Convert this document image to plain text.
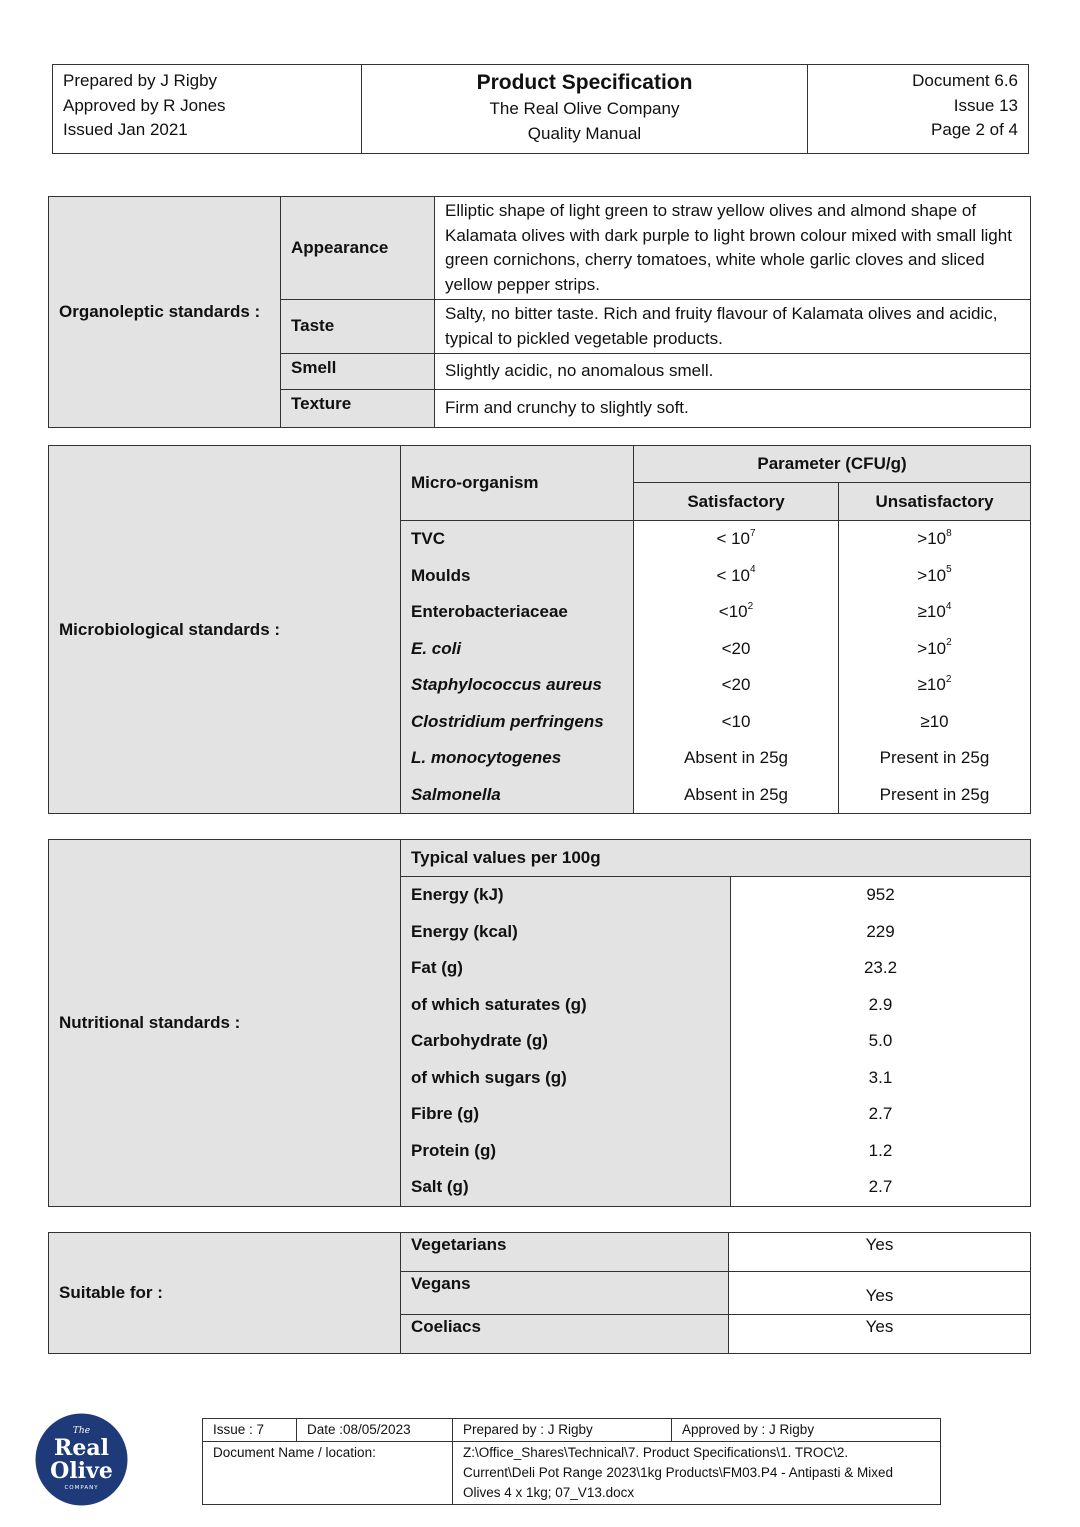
Prepared by J Rigby
Approved by R Jones
Issued Jan 2021

Product Specification
The Real Olive Company
Quality Manual

Document 6.6
Issue 13
Page 2 of 4
Organoleptic standards :	Appearance	Elliptic shape of light green to straw yellow olives and almond shape of Kalamata olives with dark purple to light brown colour mixed with small light green cornichons, cherry tomatoes, white whole garlic cloves and sliced yellow pepper strips.
	Taste	Salty, no bitter taste. Rich and fruity flavour of Kalamata olives and acidic, typical to pickled vegetable products.
	Smell	Slightly acidic, no anomalous smell.
	Texture	Firm and crunchy to slightly soft.
Microbiological standards :	Micro-organism	Parameter (CFU/g)	
		Satisfactory	Unsatisfactory
	TVC	< $10^7$	$>10^8$
	Moulds	< $10^4$	$>10^5$
	Enterobacteriaceae	$<10^2$	$\ge 10^4$
	E. coli	<20	$>10^2$
	Staphylococcus aureus	<20	$\ge 10^2$
	Clostridium perfringens	<10	≥10
	L. monocytogenes	Absent in 25g	Present in 25g
	Salmonella	Absent in 25g	Present in 25g
Nutritional standards :	Typical values per 100g	
	Energy (kJ)	952
	Energy (kcal)	229
	Fat (g)	23.2
	of which saturates (g)	2.9
	Carbohydrate (g)	5.0
	of which sugars (g)	3.1
	Fibre (g)	2.7
	Protein (g)	1.2
	Salt (g)	2.7
Suitable for :	Vegetarians	Yes
	Vegans	Yes
	Coeliacs	Yes
The
Real
Olive
COMPANY
Issue : 7	Date :08/05/2023	Prepared by : J Rigby	Approved by : J Rigby
Document Name / location:		Z:\Office_Shares\Technical\7. Product Specifications\1. TROC\2. Current\Deli Pot Range 2023\1kg Products\FM03.P4 - Antipasti & Mixed Olives 4 x 1kg; 07_V13.docx	
